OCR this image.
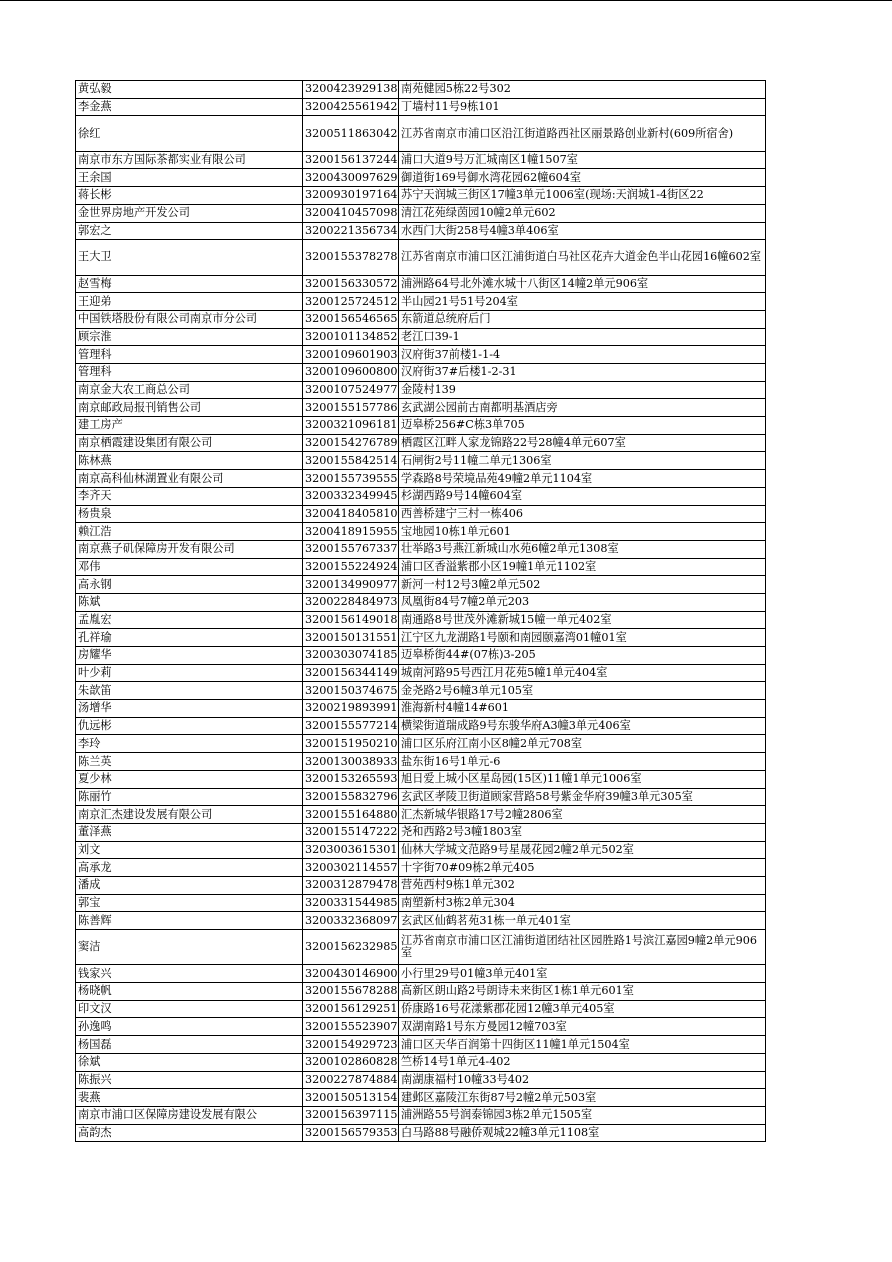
黄弘毅	3200423929138	南苑健园5栋22号302
李金燕	3200425561942	丁墙村11号9栋101
徐红	3200511863042	江苏省南京市浦口区沿江街道路西社区丽景路创业新村(609所宿舍)
南京市东方国际茶都实业有限公司	3200156137244	浦口大道9号万汇城南区1幢1507室
王余国	3200430097629	御道街169号御水湾花园62幢604室
蒋长彬	3200930197164	苏宁天润城三街区17幢3单元1006室(现场:天润城1-4街区22
金世界房地产开发公司	3200410457098	清江花苑绿茵园10幢2单元602
郭宏之	3200221356734	水西门大街258号4幢3单406室
王大卫	3200155378278	江苏省南京市浦口区江浦街道白马社区花卉大道金色半山花园16幢602室
赵雪梅	3200156330572	浦洲路64号北外滩水城十八街区14幢2单元906室
王迎弟	3200125724512	半山园21号51号204室
中国铁塔股份有限公司南京市分公司	3200156546565	东箭道总统府后门
顾宗淮	3200101134852	老江口39-1
管理科	3200109601903	汉府街37前楼1-1-4
管理科	3200109600800	汉府街37#后楼1-2-31
南京金大农工商总公司	3200107524977	金陵村139
南京邮政局报刊销售公司	3200155157786	玄武湖公园前古南都明基酒店旁
建工房产	3200321096181	迈皋桥256#C栋3单705
南京栖霞建设集团有限公司	3200154276789	栖霞区江畔人家龙锦路22号28幢4单元607室
陈林燕	3200155842514	石闸街2号11幢二单元1306室
南京高科仙林湖置业有限公司	3200155739555	学森路8号荣境品苑49幢2单元1104室
李齐天	3200332349945	杉湖西路9号14幢604室
杨贵泉	3200418405810	西善桥建宁三村一栋406
赖江浩	3200418915955	宝地园10栋1单元601
南京燕子矶保障房开发有限公司	3200155767337	壮举路3号燕江新城山水苑6幢2单元1308室
邓伟	3200155224924	浦口区香溢紫郡小区19幢1单元1102室
高永钢	3200134990977	新河一村12号3幢2单元502
陈斌	3200228484973	凤凰街84号7幢2单元203
孟胤宏	3200156149018	南通路8号世茂外滩新城15幢一单元402室
孔祥瑜	3200150131551	江宁区九龙湖路1号颐和南园颐嘉湾01幢01室
房耀华	3200303074185	迈皋桥街44#(07栋)3-205
叶少莉	3200156344149	城南河路95号西江月花苑5幢1单元404室
朱歆笛	3200150374675	金尧路2号6幢3单元105室
汤增华	3200219893991	淮海新村4幢14#601
仇远彬	3200155577214	横梁街道瑞成路9号东骏华府A3幢3单元406室
李玲	3200151950210	浦口区乐府江南小区8幢2单元708室
陈兰英	3200130038933	盐东街16号1单元-6
夏少林	3200153265593	旭日爱上城小区星岛园(15区)11幢1单元1006室
陈丽竹	3200155832796	玄武区孝陵卫街道顾家营路58号紫金华府39幢3单元305室
南京汇杰建设发展有限公司	3200155164880	汇杰新城华银路17号2幢2806室
董泽燕	3200155147222	尧和西路2号3幢1803室
刘文	3203003615301	仙林大学城文范路9号星晟花园2幢2单元502室
高承龙	3200302114557	十字街70#09栋2单元405
潘成	3200312879478	营苑西村9栋1单元302
郭宝	3200331544985	南塑新村3栋2单元304
陈善辉	3200332368097	玄武区仙鹤茗苑31栋一单元401室
窦洁	3200156232985	江苏省南京市浦口区江浦街道团结社区园胜路1号滨江嘉园9幢2单元906室
钱家兴	3200430146900	小行里29号01幢3单元401室
杨晓帆	3200155678288	高新区朗山路2号朗诗未来街区1栋1单元601室
印文汉	3200156129251	侨康路16号花漾紫郡花园12幢3单元405室
孙逸鸣	3200155523907	双湖南路1号东方曼园12幢703室
杨国磊	3200154929723	浦口区天华百润第十四街区11幢1单元1504室
徐斌	3200102860828	竺桥14号1单元4-402
陈振兴	3200227874884	南湖康福村10幢33号402
裴燕	3200150513154	建邺区嘉陵江东街87号2幢2单元503室
南京市浦口区保障房建设发展有限公	3200156397115	浦洲路55号润泰锦园3栋2单元1505室
高韵杰	3200156579353	白马路88号融侨观城22幢3单元1108室
